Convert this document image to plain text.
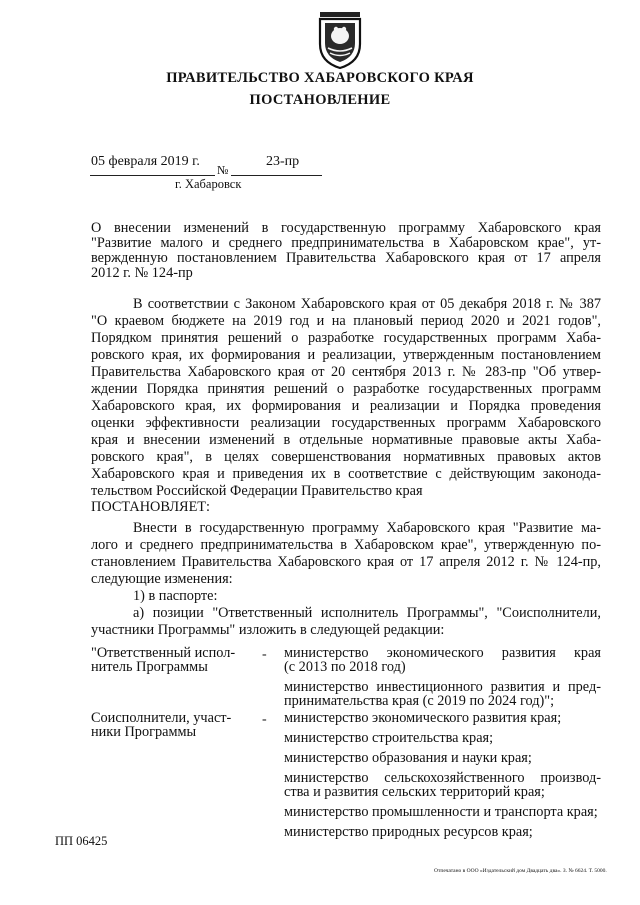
ПРАВИТЕЛЬСТВО ХАБАРОВСКОГО КРАЯ
ПОСТАНОВЛЕНИЕ
05 февраля 2019 г.
№
23-пр
г. Хабаровск
О внесении изменений в государственную программу Хабаровского края
"Развитие малого и среднего предпринимательства в Хабаровском крае", ут-
вержденную постановлением Правительства Хабаровского края от 17 апреля
2012 г. № 124-пр
В соответствии с Законом Хабаровского края от 05 декабря 2018 г. № 387
"О краевом бюджете на 2019 год и на плановый период 2020 и 2021 годов",
Порядком принятия решений о разработке государственных программ Хаба-
ровского края, их формирования и реализации, утвержденным постановлением
Правительства Хабаровского края от 20 сентября 2013 г. № 283-пр "Об утвер-
ждении Порядка принятия решений о разработке государственных программ
Хабаровского края, их формирования и реализации и Порядка проведения
оценки эффективности реализации государственных программ Хабаровского
края и внесении изменений в отдельные нормативные правовые акты Хаба-
ровского края", в целях совершенствования нормативных правовых актов
Хабаровского края и приведения их в соответствие с действующим законода-
тельством Российской Федерации Правительство края
ПОСТАНОВЛЯЕТ:
Внести в государственную программу Хабаровского края "Развитие ма-
лого и среднего предпринимательства в Хабаровском крае", утвержденную по-
становлением Правительства Хабаровского края от 17 апреля 2012 г. № 124-пр,
следующие изменения:
1) в паспорте:
а) позиции "Ответственный исполнитель Программы", "Соисполнители,
участники Программы" изложить в следующей редакции:
"Ответственный испол-
нитель Программы
- министерство экономического развития края
(с 2013 по 2018 год)
министерство инвестиционного развития и пред-
принимательства края (с 2019 по 2024 год)";
Соисполнители, участ-
ники Программы
- министерство экономического развития края;
министерство строительства края;
министерство образования и науки края;
министерство сельскохозяйственного производ-
ства и развития сельских территорий края;
министерство промышленности и транспорта края;
министерство природных ресурсов края;
ПП 06425
Отпечатано в ООО «Издательский дом Двадцать два». З. № 6624. Т. 5000.
